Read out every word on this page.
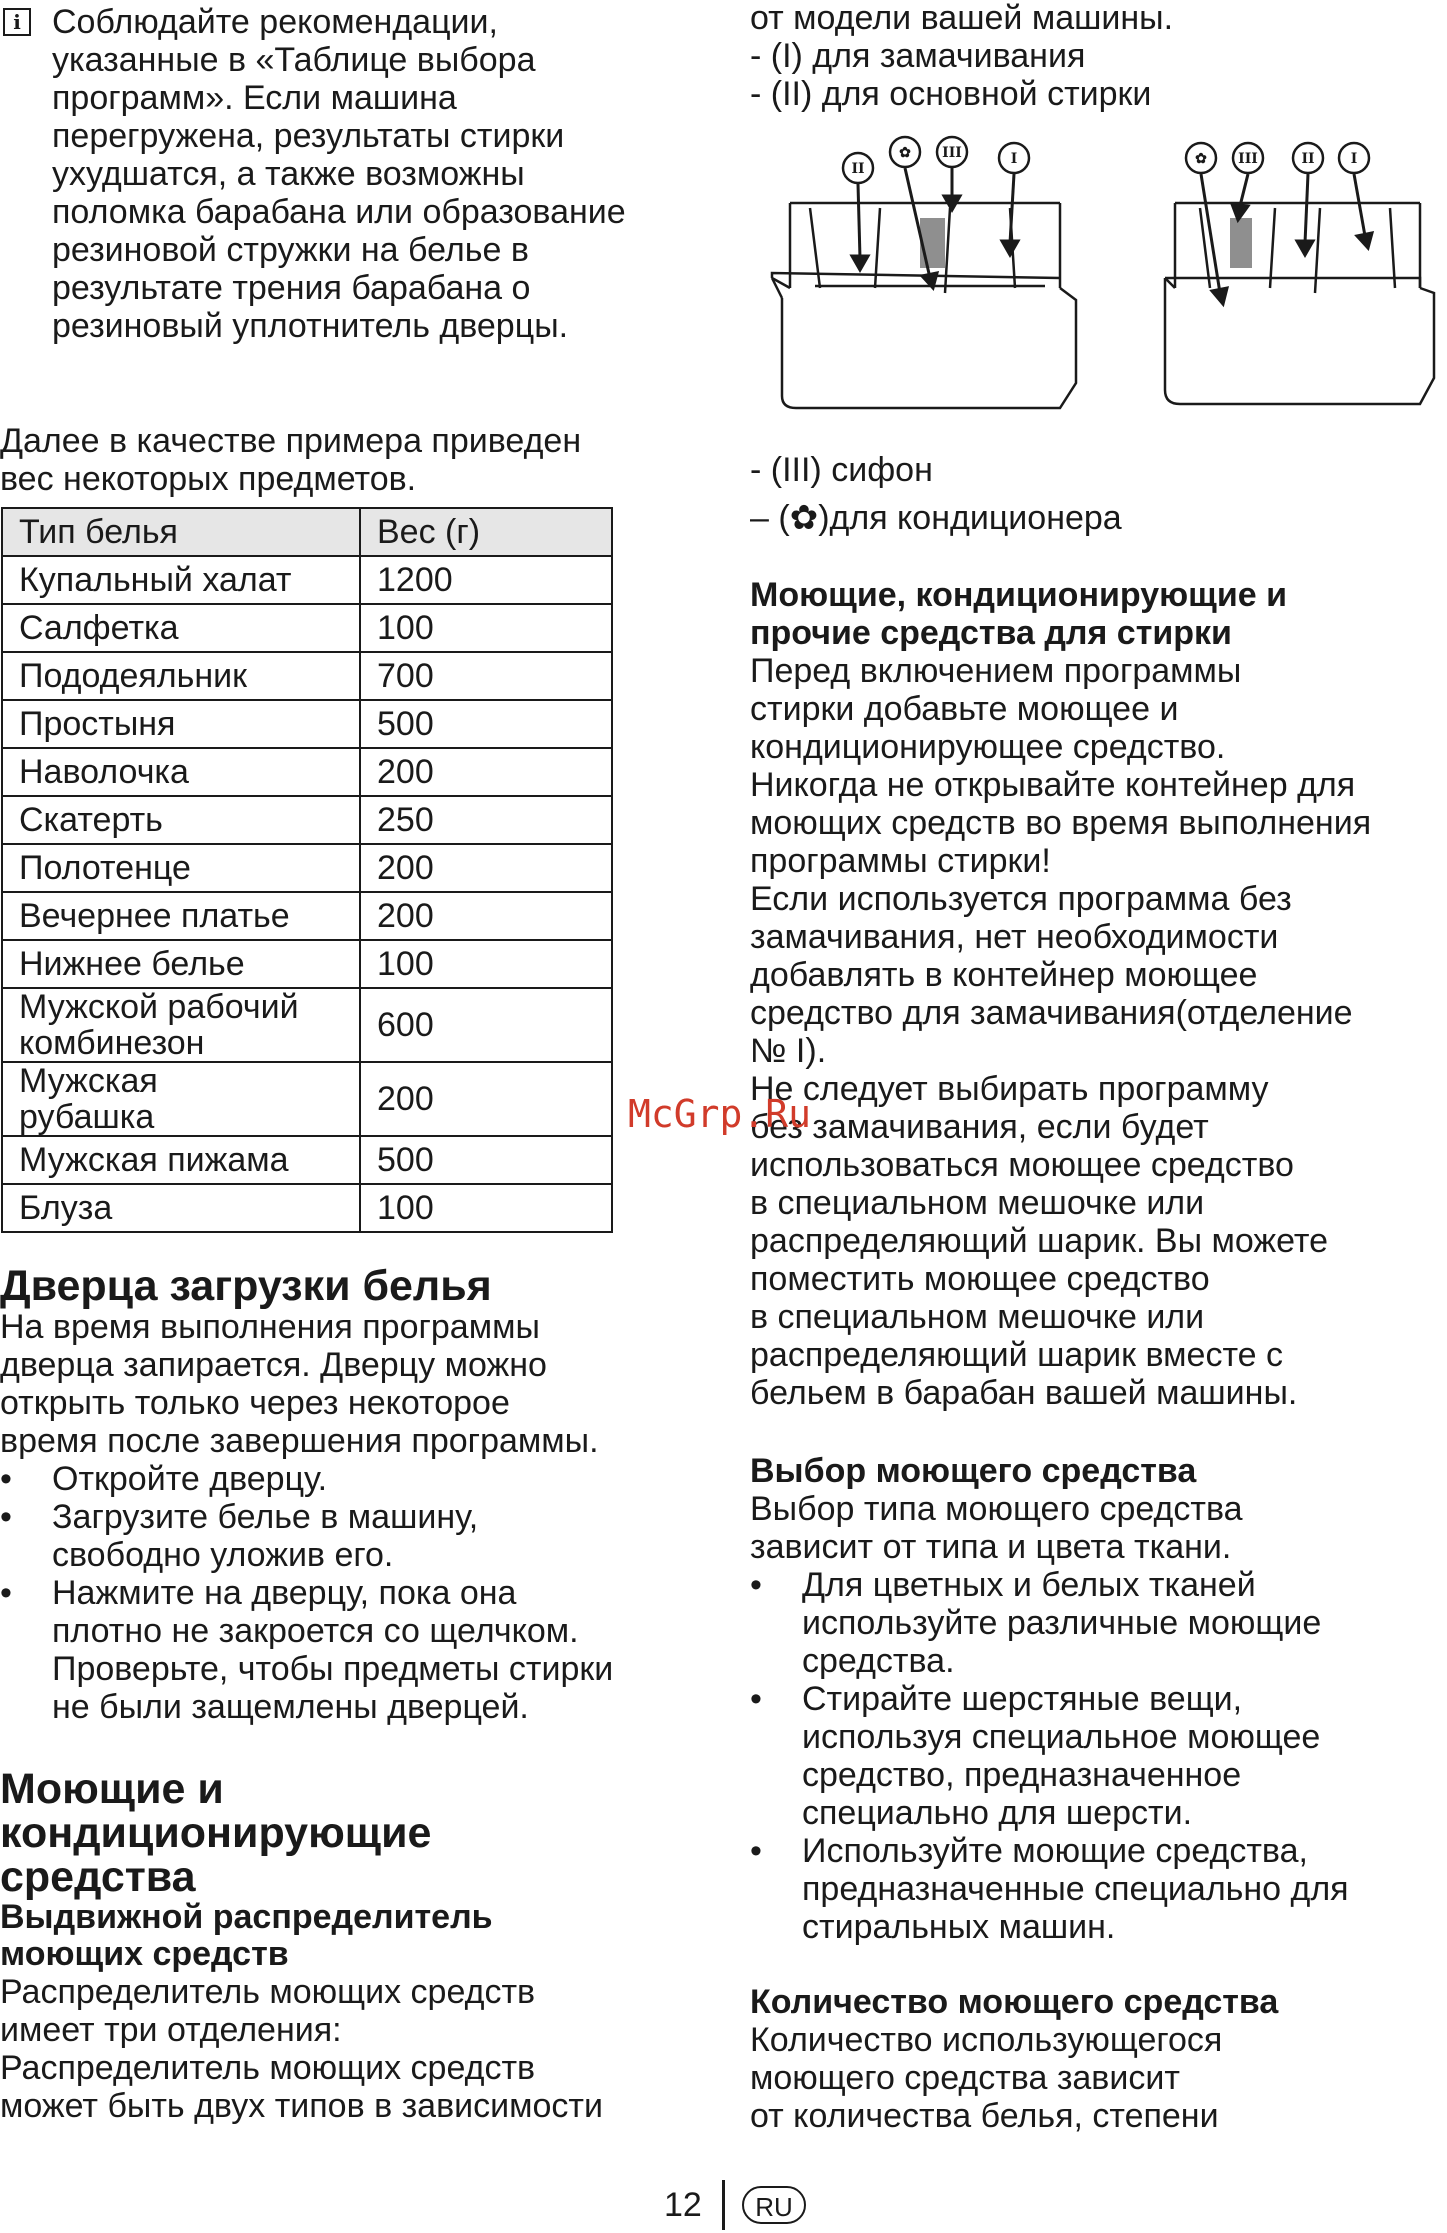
i Соблюдайте рекомендации,

указанные в «Таблице выбора

программ». Если машина

перегружена, результаты стирки

ухудшатся, а также возможны

поломка барабана или образование

резиновой стружки на белье в

результате трения барабана о

резиновый уплотнитель дверцы.

Далее в качестве примера приведен

вес некоторых предметов.

Тип белья	Вес (г)
Купальный халат	1200
Салфетка	100
Пододеяльник	700
Простыня	500
Наволочка	200
Скатерть	250
Полотенце	200
Вечернее платье	200
Нижнее белье	100
Мужской рабочий
комбинезон	600
Мужская
рубашка	200
Мужская пижама	500
Блуза	100

Дверца загрузки белья

На время выполнения программы

дверца запирается. Дверцу можно

открыть только через некоторое

время после завершения программы.

• Откройте дверцу.
• Загрузите белье в машину,
свободно уложив его.
• Нажмите на дверцу, пока она
плотно не закроется со щелчком.
Проверьте, чтобы предметы стирки
не были защемлены дверцей.

Моющие и

кондиционирующие

средства

Выдвижной распределитель

моющих средств

Распределитель моющих средств

имеет три отделения:

Распределитель моющих средств

может быть двух типов в зависимости

от модели вашей машины.

- (I) для замачивания

- (II) для основной стирки

II
✿ III	I	✿ III	II	I

- (III) сифон

– (✿)для кондиционера

Моющие, кондиционирующие и

прочие средства для стирки

Перед включением программы

стирки добавьте моющее и

кондиционирующее средство.

Никогда не открывайте контейнер для

моющих средств во время выполнения

программы стирки!

Если используется программа без

замачивания, нет необходимости

добавлять в контейнер моющее

средство для замачивания(отделение

№ I).

Не следует выбирать программу

без замачивания, если будет

использоваться моющее средство

в специальном мешочке или

распределяющий шарик. Вы можете

поместить моющее средство

в специальном мешочке или

распределяющий шарик вместе с

бельем в барабан вашей машины.

Выбор моющего средства

Выбор типа моющего средства

зависит от типа и цвета ткани.

• Для цветных и белых тканей
используйте различные моющие
средства.
• Стирайте шерстяные вещи,
используя специальное моющее
средство, предназначенное
специально для шерсти.
• Используйте моющие средства,
предназначенные специально для
стиральных машин.

Количество моющего средства

Количество использующегося

моющего средства зависит

от количества белья, степени

McGrp.Ru
12	RU
